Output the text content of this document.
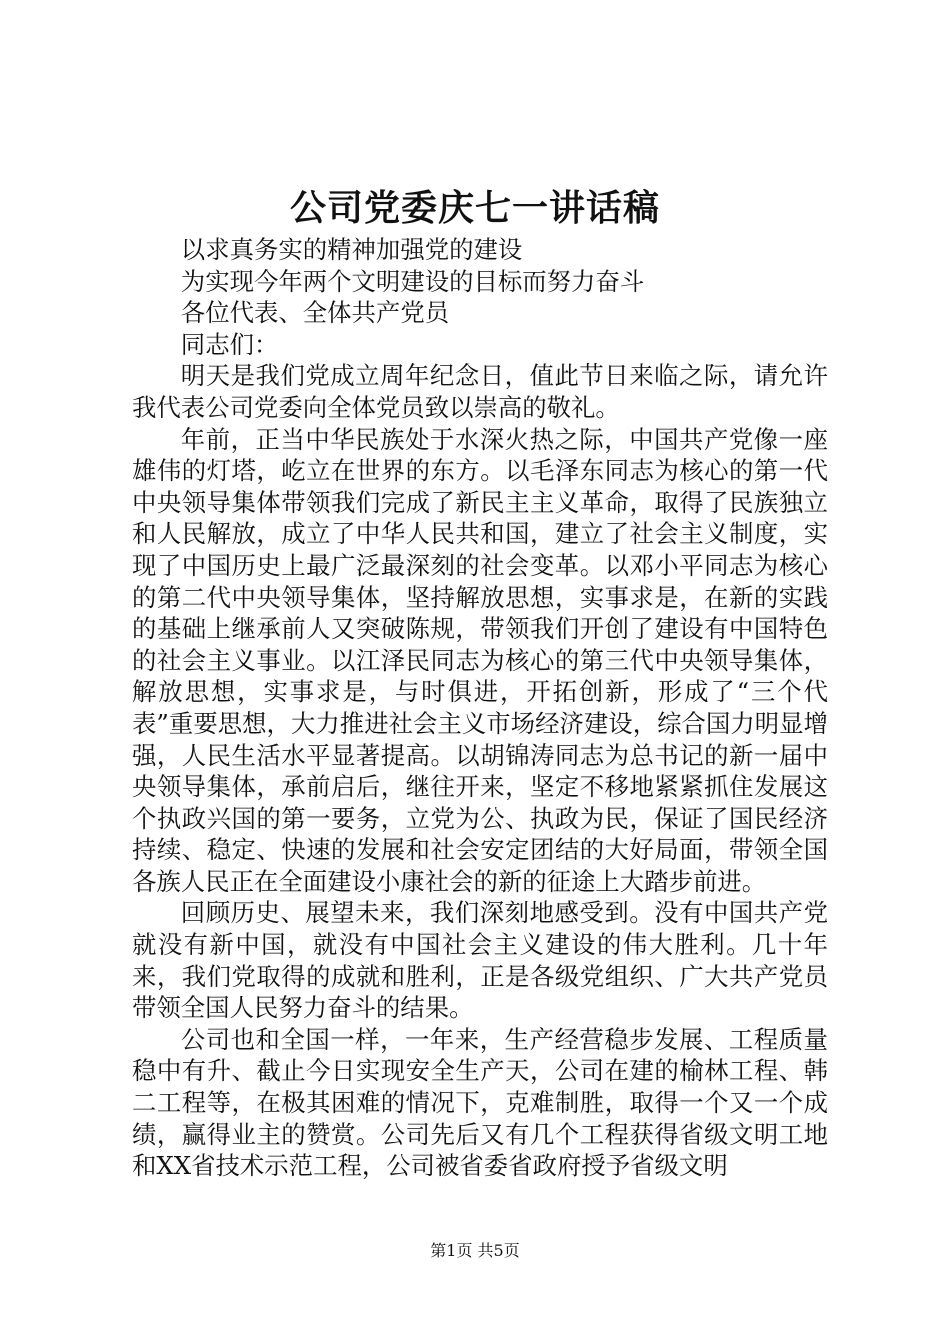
公司党委庆七一讲话稿

以求真务实的精神加强党的建设

为实现今年两个文明建设的目标而努力奋斗

各位代表、全体共产党员

同志们：

明天是我们党成立周年纪念日，值此节日来临之际，请允许我代表公司党委向全体党员致以崇高的敬礼。

年前，正当中华民族处于水深火热之际，中国共产党像一座雄伟的灯塔，屹立在世界的东方。以毛泽东同志为核心的第一代中央领导集体带领我们完成了新民主主义革命，取得了民族独立和人民解放，成立了中华人民共和国，建立了社会主义制度，实现了中国历史上最广泛最深刻的社会变革。以邓小平同志为核心的第二代中央领导集体，坚持解放思想，实事求是，在新的实践的基础上继承前人又突破陈规，带领我们开创了建设有中国特色的社会主义事业。以江泽民同志为核心的第三代中央领导集体，解放思想，实事求是，与时俱进，开拓创新，形成了“三个代表”重要思想，大力推进社会主义市场经济建设，综合国力明显增强，人民生活水平显著提高。以胡锦涛同志为总书记的新一届中央领导集体，承前启后，继往开来，坚定不移地紧紧抓住发展这个执政兴国的第一要务，立党为公、执政为民，保证了国民经济持续、稳定、快速的发展和社会安定团结的大好局面，带领全国各族人民正在全面建设小康社会的新的征途上大踏步前进。

回顾历史、展望未来，我们深刻地感受到。没有中国共产党就没有新中国，就没有中国社会主义建设的伟大胜利。几十年来，我们党取得的成就和胜利，正是各级党组织、广大共产党员带领全国人民努力奋斗的结果。

公司也和全国一样，一年来，生产经营稳步发展、工程质量稳中有升、截止今日实现安全生产天，公司在建的榆林工程、韩二工程等，在极其困难的情况下，克难制胜，取得一个又一个成绩，赢得业主的赞赏。公司先后又有几个工程获得省级文明工地和XX省技术示范工程，公司被省委省政府授予省级文明

第1页 共5页
